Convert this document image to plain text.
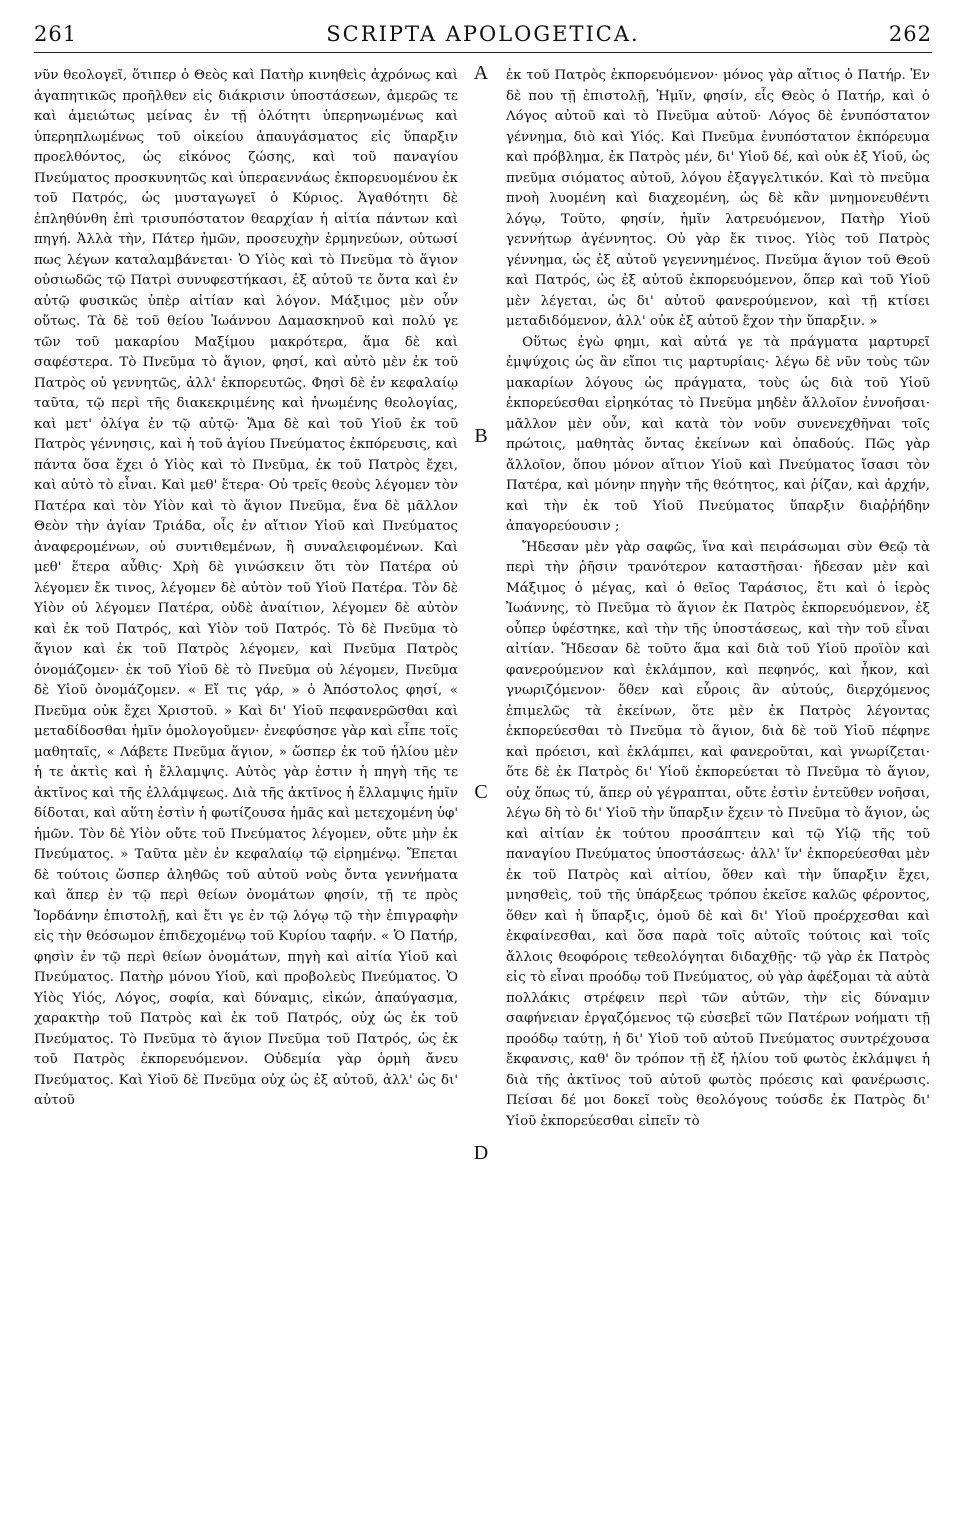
261	SCRIPTA APOLOGETICA.	262

νῦν θεολογεῖ, ὅτιπερ ὁ Θεὸς καὶ Πατὴρ κινηθεὶς ἀχρόνως καὶ ἀγαπητικῶς προῆλθεν εἰς διάκρισιν ὑποστάσεων, ἀμερῶς τε καὶ ἀμειώτως μείνας ἐν τῇ ὁλότητι ὑπερηνωμένως καὶ ὑπερηπλωμένως τοῦ οἰκείου ἀπαυγάσματος εἰς ὕπαρξιν προελθόντος, ὡς εἰκόνος ζώσης, καὶ τοῦ παναγίου Πνεύματος προσκυνητῶς καὶ ὑπεραεννάως ἐκπορευομένου ἐκ τοῦ Πατρός, ὡς μυσταγωγεῖ ὁ Κύριος. Ἀγαθότητι δὲ ἐπληθύνθη ἐπὶ τρισυπόστατον θεαρχίαν ἡ αἰτία πάντων καὶ πηγή. Ἀλλὰ τὴν, Πάτερ ἡμῶν, προσευχὴν ἑρμηνεύων, οὑτωσί πως λέγων καταλαμβάνεται· Ὁ Υἱὸς καὶ τὸ Πνεῦμα τὸ ἅγιον οὐσιωδῶς τῷ Πατρὶ συνυφεστήκασι, ἐξ αὐτοῦ τε ὄντα καὶ ἐν αὐτῷ φυσικῶς ὑπὲρ αἰτίαν καὶ λόγον. Μάξιμος μὲν οὖν οὕτως. Τὰ δὲ τοῦ θείου Ἰωάννου Δαμασκηνοῦ καὶ πολύ γε τῶν τοῦ μακαρίου Μαξίμου μακρότερα, ἅμα δὲ καὶ σαφέστερα. Τὸ Πνεῦμα τὸ ἅγιον, φησί, καὶ αὐτὸ μὲν ἐκ τοῦ Πατρὸς οὐ γεννητῶς, ἀλλ' ἐκπορευτῶς. Φησὶ δὲ ἐν κεφαλαίῳ ταῦτα, τῷ περὶ τῆς διακεκριμένης καὶ ἡνωμένης θεολογίας, καὶ μετ' ὀλίγα ἐν τῷ αὐτῷ· Ἅμα δὲ καὶ τοῦ Υἱοῦ ἐκ τοῦ Πατρὸς γέννησις, καὶ ἡ τοῦ ἁγίου Πνεύματος ἐκπόρευσις, καὶ πάντα ὅσα ἔχει ὁ Υἱὸς καὶ τὸ Πνεῦμα, ἐκ τοῦ Πατρὸς ἔχει, καὶ αὐτὸ τὸ εἶναι. Καὶ μεθ' ἕτερα· Οὐ τρεῖς θεοὺς λέγομεν τὸν Πατέρα καὶ τὸν Υἱὸν καὶ τὸ ἅγιον Πνεῦμα, ἕνα δὲ μᾶλλον Θεὸν τὴν ἁγίαν Τριάδα, οἷς ἐν αἴτιον Υἱοῦ καὶ Πνεύματος ἀναφερομένων, οὐ συντιθεμένων, ἢ συναλειφομένων. Καὶ μεθ' ἕτερα αὖθις· Χρὴ δὲ γινώσκειν ὅτι τὸν Πατέρα οὐ λέγομεν ἔκ τινος, λέγομεν δὲ αὐτὸν τοῦ Υἱοῦ Πατέρα. Τὸν δὲ Υἱὸν οὐ λέγομεν Πατέρα, οὐδὲ ἀναίτιον, λέγομεν δὲ αὐτὸν καὶ ἐκ τοῦ Πατρός, καὶ Υἱὸν τοῦ Πατρός. Τὸ δὲ Πνεῦμα τὸ ἅγιον καὶ ἐκ τοῦ Πατρὸς λέγομεν, καὶ Πνεῦμα Πατρὸς ὀνομάζομεν· ἐκ τοῦ Υἱοῦ δὲ τὸ Πνεῦμα οὐ λέγομεν, Πνεῦμα δὲ Υἱοῦ ὀνομάζομεν. « Εἴ τις γάρ, » ὁ Ἀπόστολος φησί, « Πνεῦμα οὐκ ἔχει Χριστοῦ. » Καὶ δι' Υἱοῦ πεφανερῶσθαι καὶ μεταδίδοσθαι ἡμῖν ὁμολογοῦμεν· ἐνεφύσησε γὰρ καὶ εἶπε τοῖς μαθηταῖς, « Λάβετε Πνεῦμα ἅγιον, » ὥσπερ ἐκ τοῦ ἡλίου μὲν ἡ τε ἀκτὶς καὶ ἡ ἔλλαμψις. Αὐτὸς γὰρ ἐστιν ἡ πηγὴ τῆς τε ἀκτῖνος καὶ τῆς ἐλλάμψεως. Διὰ τῆς ἀκτῖνος ἡ ἔλλαμψις ἡμῖν δίδοται, καὶ αὕτη ἐστὶν ἡ φωτίζουσα ἡμᾶς καὶ μετεχομένη ὑφ' ἡμῶν. Τὸν δὲ Υἱὸν οὔτε τοῦ Πνεύματος λέγομεν, οὔτε μὴν ἐκ Πνεύματος. » Ταῦτα μὲν ἐν κεφαλαίῳ τῷ εἰρημένῳ. Ἔπεται δὲ τούτοις ὥσπερ ἀληθῶς τοῦ αὐτοῦ νοὺς ὄντα γεννήματα καὶ ἅπερ ἐν τῷ περὶ θείων ὀνομάτων φησίν, τῇ τε πρὸς Ἰορδάνην ἐπιστολῇ, καὶ ἔτι γε ἐν τῷ λόγῳ τῷ τὴν ἐπιγραφὴν εἰς τὴν θεόσωμον ἐπιδεχομένῳ τοῦ Κυρίου ταφήν. « Ὁ Πατήρ, φησὶν ἐν τῷ περὶ θείων ὀνομάτων, πηγὴ καὶ αἰτία Υἱοῦ καὶ Πνεύματος. Πατὴρ μόνου Υἱοῦ, καὶ προβολεὺς Πνεύματος. Ὁ Υἱὸς Υἱός, Λόγος, σοφία, καὶ δύναμις, εἰκών, ἀπαύγασμα, χαρακτὴρ τοῦ Πατρὸς καὶ ἐκ τοῦ Πατρός, οὐχ ὡς ἐκ τοῦ Πνεύματος. Τὸ Πνεῦμα τὸ ἅγιον Πνεῦμα τοῦ Πατρός, ὡς ἐκ τοῦ Πατρὸς ἐκπορευόμενον. Οὐδεμία γὰρ ὁρμὴ ἄνευ Πνεύματος. Καὶ Υἱοῦ δὲ Πνεῦμα οὐχ ὡς ἐξ αὐτοῦ, ἀλλ' ὡς δι' αὐτοῦ

A
B
C
D

ἐκ τοῦ Πατρὸς ἐκπορευόμενον· μόνος γὰρ αἴτιος ὁ Πατήρ. Ἐν δὲ που τῇ ἐπιστολῇ, Ἡμῖν, φησίν, εἷς Θεὸς ὁ Πατήρ, καὶ ὁ Λόγος αὐτοῦ καὶ τὸ Πνεῦμα αὐτοῦ· Λόγος δὲ ἐνυπόστατον γέννημα, διὸ καὶ Υἱός. Καὶ Πνεῦμα ἐνυπόστατον ἐκπόρευμα καὶ πρόβλημα, ἐκ Πατρὸς μέν, δι' Υἱοῦ δέ, καὶ οὐκ ἐξ Υἱοῦ, ὡς πνεῦμα σιόματος αὐτοῦ, λόγου ἐξαγγελτικόν. Καὶ τὸ πνεῦμα πνοὴ λυομένη καὶ διαχεομένη, ὡς δὲ κἂν μνημονευθέντι λόγῳ, Τοῦτο, φησίν, ἡμῖν λατρευόμενον, Πατὴρ Υἱοῦ γεννήτωρ ἀγέννητος. Οὐ γὰρ ἔκ τινος. Υἱὸς τοῦ Πατρὸς γέννημα, ὡς ἐξ αὐτοῦ γεγεννημένος. Πνεῦμα ἅγιον τοῦ Θεοῦ καὶ Πατρός, ὡς ἐξ αὐτοῦ ἐκπορευόμενον, ὅπερ καὶ τοῦ Υἱοῦ μὲν λέγεται, ὡς δι' αὐτοῦ φανερούμενον, καὶ τῇ κτίσει μεταδιδόμενον, ἀλλ' οὐκ ἐξ αὐτοῦ ἔχον τὴν ὕπαρξιν. »

Οὕτως ἐγὼ φημι, καὶ αὐτά γε τὰ πράγματα μαρτυρεῖ ἐμψύχοις ὡς ἂν εἴποι τις μαρτυρίαις· λέγω δὲ νῦν τοὺς τῶν μακαρίων λόγους ὡς πράγματα, τοὺς ὡς διὰ τοῦ Υἱοῦ ἐκπορεύεσθαι εἰρηκότας τὸ Πνεῦμα μηδὲν ἄλλοῖον ἐννοῆσαι· μᾶλλον μὲν οὖν, καὶ κατὰ τὸν νοῦν συνενεχθῆναι τοῖς πρώτοις, μαθητὰς ὄντας ἐκείνων καὶ ὀπαδούς. Πῶς γὰρ ἄλλοῖον, ὅπου μόνον αἴτιον Υἱοῦ καὶ Πνεύματος ἴσασι τὸν Πατέρα, καὶ μόνην πηγὴν τῆς θεότητος, καὶ ῥίζαν, καὶ ἀρχήν, καὶ τὴν ἐκ τοῦ Υἱοῦ Πνεύματος ὕπαρξιν διαῤῥήδην ἀπαγορεύουσιν ;

Ἤδεσαν μὲν γὰρ σαφῶς, ἵνα καὶ πειράσωμαι σὺν Θεῷ τὰ περὶ τὴν ῥῆσιν τρανότερον καταστῆσαι· ἤδεσαν μὲν καὶ Μάξιμος ὁ μέγας, καὶ ὁ θεῖος Ταράσιος, ἔτι καὶ ὁ ἱερὸς Ἰωάννης, τὸ Πνεῦμα τὸ ἅγιον ἐκ Πατρὸς ἐκπορευόμενον, ἐξ οὗπερ ὑφέστηκε, καὶ τὴν τῆς ὑποστάσεως, καὶ τὴν τοῦ εἶναι αἰτίαν. Ἤδεσαν δὲ τοῦτο ἅμα καὶ διὰ τοῦ Υἱοῦ προϊὸν καὶ φανερούμενον καὶ ἐκλάμπον, καὶ πεφηνός, καὶ ἧκον, καὶ γνωριζόμενον· ὅθεν καὶ εὗροις ἂν αὐτούς, διερχόμενος ἐπιμελῶς τὰ ἐκείνων, ὅτε μὲν ἐκ Πατρὸς λέγοντας ἐκπορεύεσθαι τὸ Πνεῦμα τὸ ἅγιον, διὰ δὲ τοῦ Υἱοῦ πέφηνε καὶ πρόεισι, καὶ ἐκλάμπει, καὶ φανεροῦται, καὶ γνωρίζεται· ὅτε δὲ ἐκ Πατρὸς δι' Υἱοῦ ἐκπορεύεται τὸ Πνεῦμα τὸ ἅγιον, οὐχ ὅπως τύ, ἅπερ οὐ γέγραπται, οὔτε ἐστὶν ἐντεῦθεν νοῆσαι, λέγω δὴ τὸ δι' Υἱοῦ τὴν ὕπαρξιν ἔχειν τὸ Πνεῦμα τὸ ἅγιον, ὡς καὶ αἰτίαν ἐκ τούτου προσάπτειν καὶ τῷ Υἱῷ τῆς τοῦ παναγίου Πνεύματος ὑποστάσεως· ἀλλ' ἵν' ἐκπορεύεσθαι μὲν ἐκ τοῦ Πατρὸς καὶ αἰτίου, ὅθεν καὶ τὴν ὕπαρξιν ἔχει, μνησθεὶς, τοῦ τῆς ὑπάρξεως τρόπου ἐκεῖσε καλῶς φέροντος, ὅθεν καὶ ἡ ὕπαρξις, ὁμοῦ δὲ καὶ δι' Υἱοῦ προέρχεσθαι καὶ ἐκφαίνεσθαι, καὶ ὅσα παρὰ τοῖς αὐτοῖς τούτοις καὶ τοῖς ἄλλοις θεοφόροις τεθεολόγηται διδαχθῇς· τῷ γὰρ ἐκ Πατρὸς εἰς τὸ εἶναι προόδῳ τοῦ Πνεύματος, οὐ γὰρ ἀφέξομαι τὰ αὐτὰ πολλάκις στρέφειν περὶ τῶν αὐτῶν, τὴν εἰς δύναμιν σαφήνειαν ἐργαζόμενος τῷ εὐσεβεῖ τῶν Πατέρων νοήματι τῇ προόδῳ ταύτῃ, ἡ δι' Υἱοῦ τοῦ αὐτοῦ Πνεύματος συντρέχουσα ἔκφανσις, καθ' ὃν τρόπον τῇ ἐξ ἡλίου τοῦ φωτὸς ἐκλάμψει ἡ διὰ τῆς ἀκτῖνος τοῦ αὐτοῦ φωτὸς πρόεσις καὶ φανέρωσις. Πείσαι δέ μοι δοκεῖ τοὺς θεολόγους τούσδε ἐκ Πατρὸς δι' Υἱοῦ ἐκπορεύεσθαι εἰπεῖν τὸ
